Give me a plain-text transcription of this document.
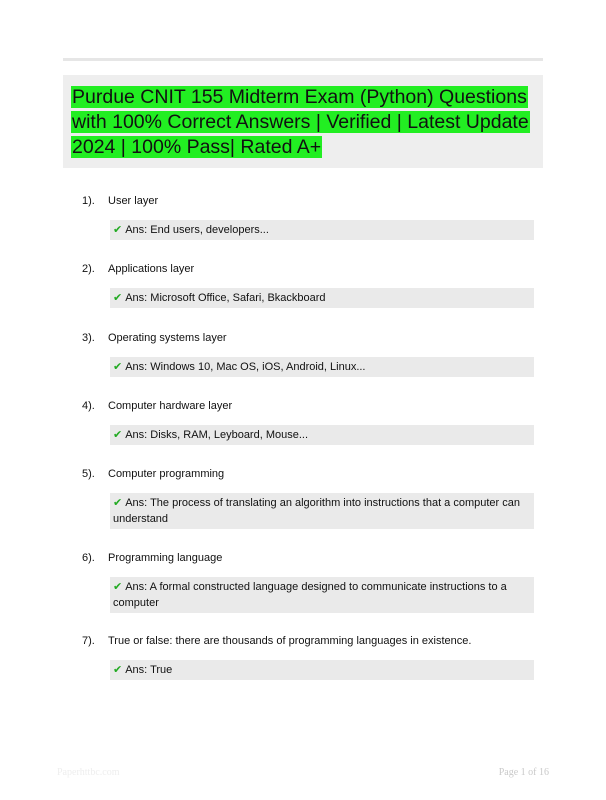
Purdue CNIT 155 Midterm Exam (Python) Questions with 100% Correct Answers | Verified | Latest Update 2024 | 100% Pass| Rated A+
1).	User layer
✔ Ans: End users, developers...
2).	Applications layer
✔ Ans: Microsoft Office, Safari, Bkackboard
3).	Operating systems layer
✔ Ans: Windows 10, Mac OS, iOS, Android, Linux...
4).	Computer hardware layer
✔ Ans: Disks, RAM, Leyboard, Mouse...
5).	Computer programming
✔ Ans: The process of translating an algorithm into instructions that a computer can understand
6).	Programming language
✔ Ans: A formal constructed language designed to communicate instructions to a computer
7).	True or false: there are thousands of programming languages in existence.
✔ Ans: True
Paperhttbc.com	Page 1 of 16
